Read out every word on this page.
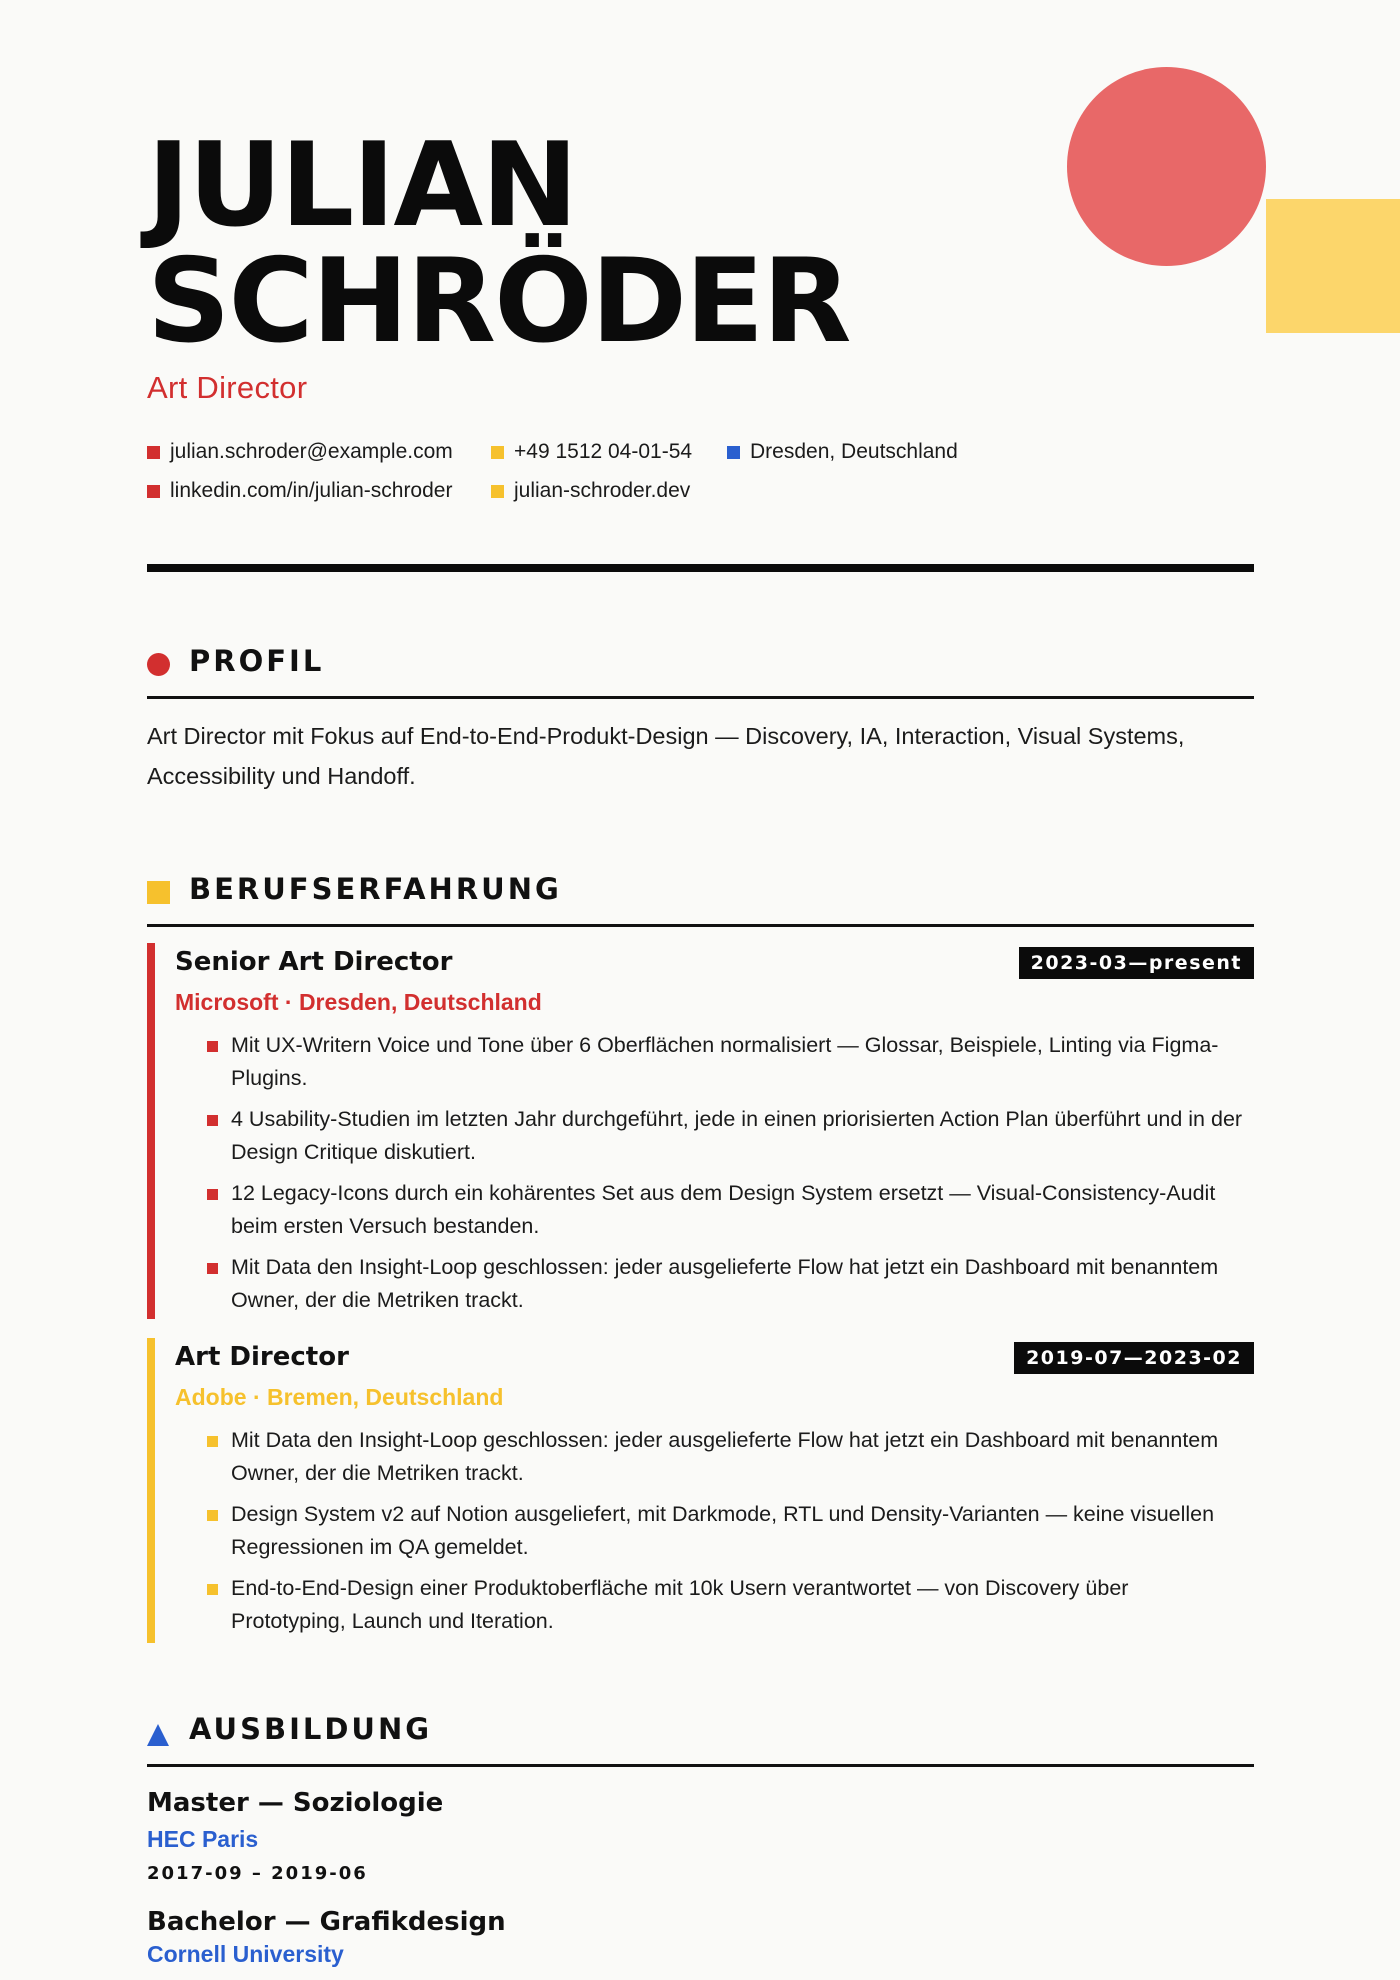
JULIAN
SCHRÖDER
Art Director
julian.schroder@example.com	+49 1512 04-01-54	Dresden, Deutschland
linkedin.com/in/julian-schroder	julian-schroder.dev
PROFIL

Art Director mit Fokus auf End-to-End-Produkt-Design — Discovery, IA, Interaction, Visual Systems, Accessibility und Handoff.

BERUFSERFAHRUNG
Senior Art Director
Microsoft · Dresden, Deutschland
2023-03—present
Mit UX-Writern Voice und Tone über 6 Oberflächen normalisiert — Glossar, Beispiele, Linting via Figma-Plugins.
4 Usability-Studien im letzten Jahr durchgeführt, jede in einen priorisierten Action Plan überführt und in der Design Critique diskutiert.
12 Legacy-Icons durch ein kohärentes Set aus dem Design System ersetzt — Visual-Consistency-Audit beim ersten Versuch bestanden.
Mit Data den Insight-Loop geschlossen: jeder ausgelieferte Flow hat jetzt ein Dashboard mit benanntem Owner, der die Metriken trackt.
Art Director
Adobe · Bremen, Deutschland
2019-07—2023-02
Mit Data den Insight-Loop geschlossen: jeder ausgelieferte Flow hat jetzt ein Dashboard mit benanntem Owner, der die Metriken trackt.
Design System v2 auf Notion ausgeliefert, mit Darkmode, RTL und Density-Varianten — keine visuellen Regressionen im QA gemeldet.
End-to-End-Design einer Produktoberfläche mit 10k Usern verantwortet — von Discovery über Prototyping, Launch und Iteration.
AUSBILDUNG
Master — Soziologie
HEC Paris
2017-09 – 2019-06
Bachelor — Grafikdesign
Cornell University
